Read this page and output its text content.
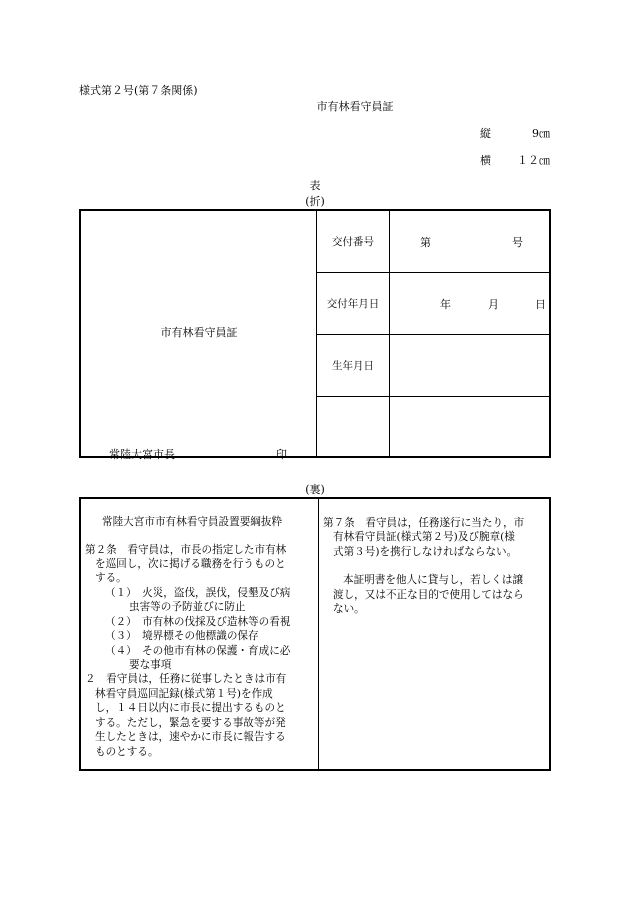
様式第２号(第７条関係)
市有林看守員証
縦	9㎝
横 １２㎝
表
(折)
市有林看守員証
常陸大宮市長	印
交付番号	第	号
交付年月日	年	月	日
生年月日
(裏)
常陸大宮市市有林看守員設置要綱抜粋
第２条　看守員は，市長の指定した市有林
を巡回し，次に掲げる職務を行うものと
する。
（１）　火災，盗伐，誤伐，侵墾及び病
虫害等の予防並びに防止
（２）　市有林の伐採及び造林等の看視
（３）　境界標その他標識の保存
（４）　その他市有林の保護・育成に必
要な事項
２　看守員は，任務に従事したときは市有
林看守員巡回記録(様式第１号)を作成
し，１４日以内に市長に提出するものと
する。ただし，緊急を要する事故等が発
生したときは，速やかに市長に報告する
ものとする。
第７条　看守員は，任務遂行に当たり，市
有林看守員証(様式第２号)及び腕章(様
式第３号)を携行しなければならない。
本証明書を他人に貸与し，若しくは譲
渡し，又は不正な目的で使用してはなら
ない。
